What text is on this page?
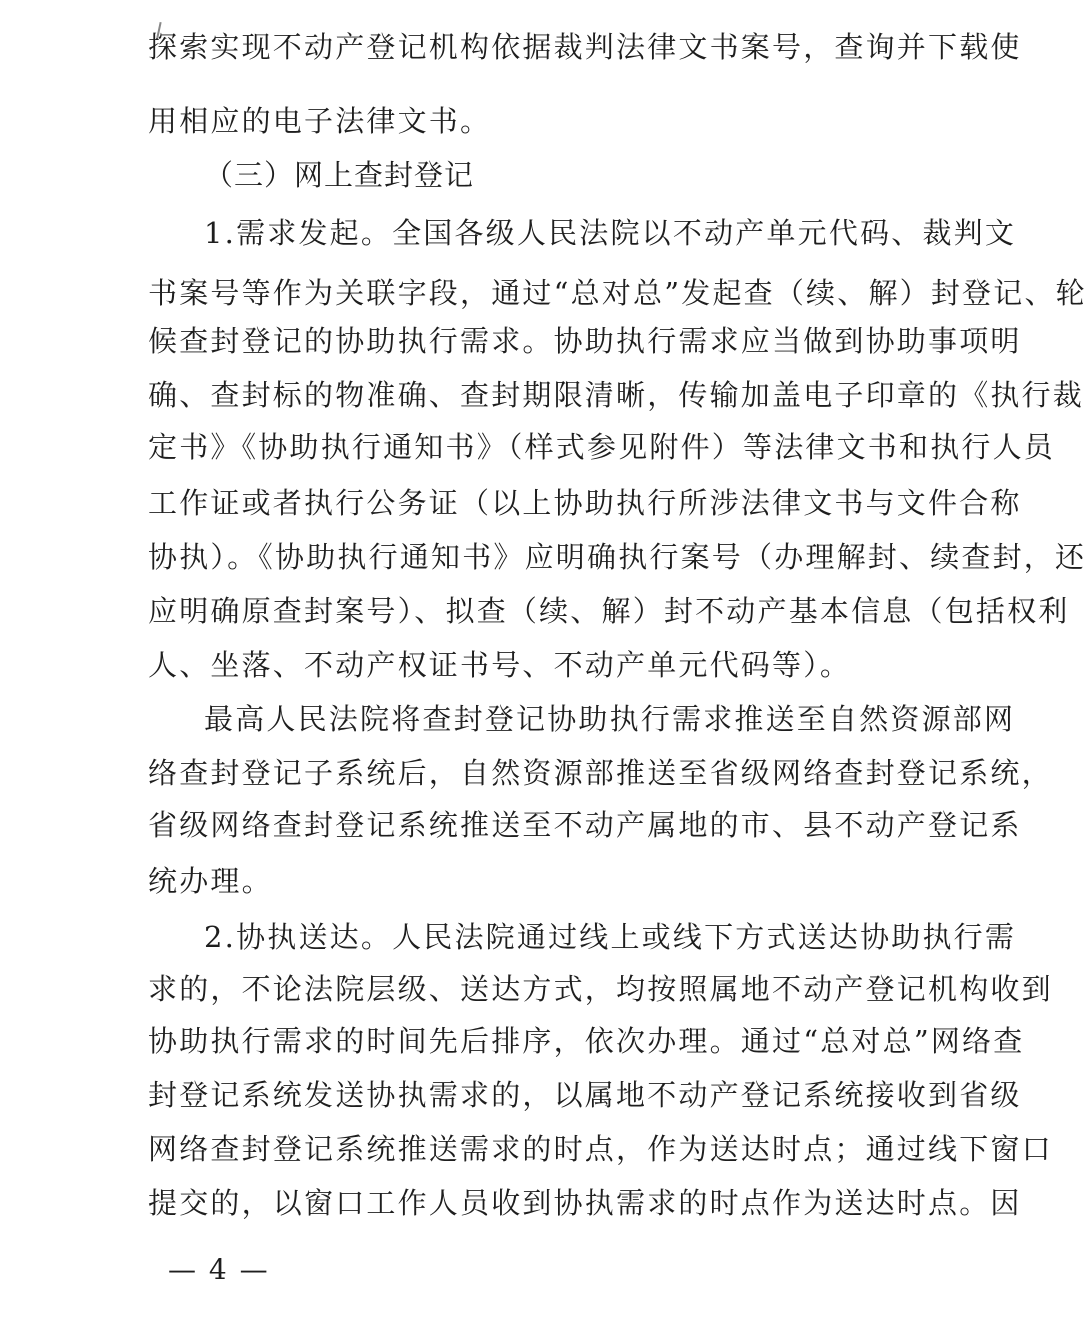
探索实现不动产登记机构依据裁判法律文书案号，查询并下载使
用相应的电子法律文书。
（三）网上查封登记
1.需求发起。全国各级人民法院以不动产单元代码、裁判文
书案号等作为关联字段，通过“总对总”发起查（续、解）封登记、轮
候查封登记的协助执行需求。协助执行需求应当做到协助事项明
确、查封标的物准确、查封期限清晰，传输加盖电子印章的《执行裁
定书》《协助执行通知书》（样式参见附件）等法律文书和执行人员
工作证或者执行公务证（以上协助执行所涉法律文书与文件合称
协执）。《协助执行通知书》应明确执行案号（办理解封、续查封，还
应明确原查封案号）、拟查（续、解）封不动产基本信息（包括权利
人、坐落、不动产权证书号、不动产单元代码等）。
最高人民法院将查封登记协助执行需求推送至自然资源部网
络查封登记子系统后，自然资源部推送至省级网络查封登记系统，
省级网络查封登记系统推送至不动产属地的市、县不动产登记系
统办理。
2.协执送达。人民法院通过线上或线下方式送达协助执行需
求的，不论法院层级、送达方式，均按照属地不动产登记机构收到
协助执行需求的时间先后排序，依次办理。通过“总对总”网络查
封登记系统发送协执需求的，以属地不动产登记系统接收到省级
网络查封登记系统推送需求的时点，作为送达时点；通过线下窗口
提交的，以窗口工作人员收到协执需求的时点作为送达时点。因
— 4 —
